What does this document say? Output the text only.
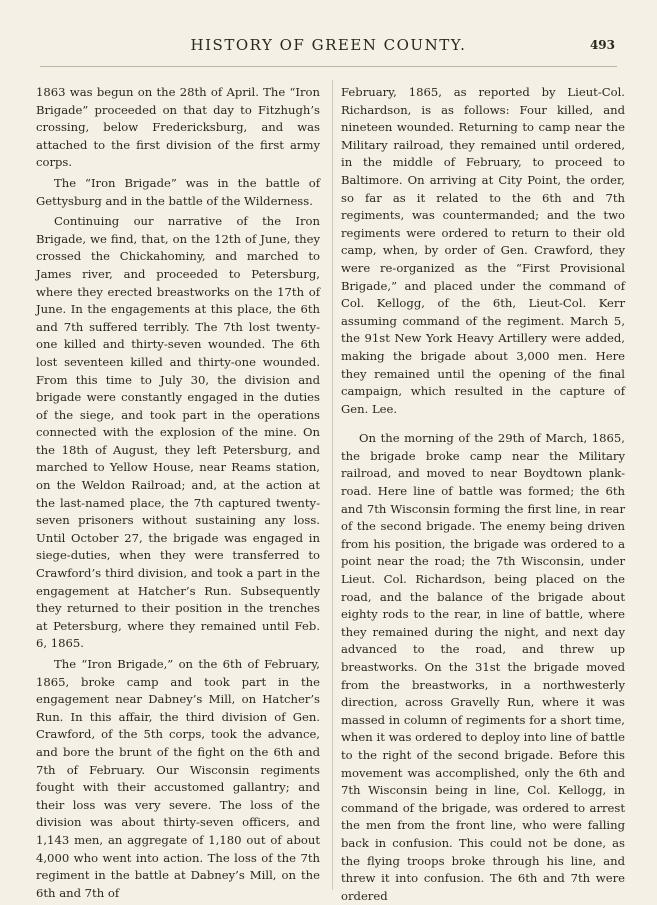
HISTORY OF GREEN COUNTY.	493

1863 was begun on the 28th of April. The “Iron Brigade” proceeded on that day to Fitzhugh’s crossing, below Fredericksburg, and was attached to the first division of the first army corps.

The “Iron Brigade” was in the battle of Gettysburg and in the battle of the Wilderness.

Continuing our narrative of the Iron Brigade, we find, that, on the 12th of June, they crossed the Chickahominy, and marched to James river, and proceeded to Petersburg, where they erected breastworks on the 17th of June. In the engagements at this place, the 6th and 7th suffered terribly. The 7th lost twenty-one killed and thirty-seven wounded. The 6th lost seventeen killed and thirty-one wounded. From this time to July 30, the division and brigade were constantly engaged in the duties of the siege, and took part in the operations connected with the explosion of the mine. On the 18th of August, they left Petersburg, and marched to Yellow House, near Reams station, on the Weldon Railroad; and, at the action at the last-named place, the 7th captured twenty-seven prisoners without sustaining any loss. Until October 27, the brigade was engaged in siege-duties, when they were transferred to Crawford’s third division, and took a part in the engagement at Hatcher’s Run. Subsequently they returned to their position in the trenches at Petersburg, where they remained until Feb. 6, 1865.

The “Iron Brigade,” on the 6th of February, 1865, broke camp and took part in the engagement near Dabney’s Mill, on Hatcher’s Run. In this affair, the third division of Gen. Crawford, of the 5th corps, took the advance, and bore the brunt of the fight on the 6th and 7th of February. Our Wisconsin regiments fought with their accustomed gallantry; and their loss was very severe. The loss of the division was about thirty-seven officers, and 1,143 men, an aggregate of 1,180 out of about 4,000 who went into action. The loss of the 7th regiment in the battle at Dabney’s Mill, on the 6th and 7th of

February, 1865, as reported by Lieut-Col. Richardson, is as follows: Four killed, and nineteen wounded. Returning to camp near the Military railroad, they remained until ordered, in the middle of February, to proceed to Baltimore. On arriving at City Point, the order, so far as it related to the 6th and 7th regiments, was countermanded; and the two regiments were ordered to return to their old camp, when, by order of Gen. Crawford, they were re-organized as the “First Provisional Brigade,” and placed under the command of Col. Kellogg, of the 6th, Lieut-Col. Kerr assuming command of the regiment. March 5, the 91st New York Heavy Artillery were added, making the brigade about 3,000 men. Here they remained until the opening of the final campaign, which resulted in the capture of Gen. Lee.

On the morning of the 29th of March, 1865, the brigade broke camp near the Military railroad, and moved to near Boydtown plank-road. Here line of battle was formed; the 6th and 7th Wisconsin forming the first line, in rear of the second brigade. The enemy being driven from his position, the brigade was ordered to a point near the road; the 7th Wisconsin, under Lieut. Col. Richardson, being placed on the road, and the balance of the brigade about eighty rods to the rear, in line of battle, where they remained during the night, and next day advanced to the road, and threw up breastworks. On the 31st the brigade moved from the breastworks, in a northwesterly direction, across Gravelly Run, where it was massed in column of regiments for a short time, when it was ordered to deploy into line of battle to the right of the second brigade. Before this movement was accomplished, only the 6th and 7th Wisconsin being in line, Col. Kellogg, in command of the brigade, was ordered to arrest the men from the front line, who were falling back in confusion. This could not be done, as the flying troops broke through his line, and threw it into confusion. The 6th and 7th were ordered
